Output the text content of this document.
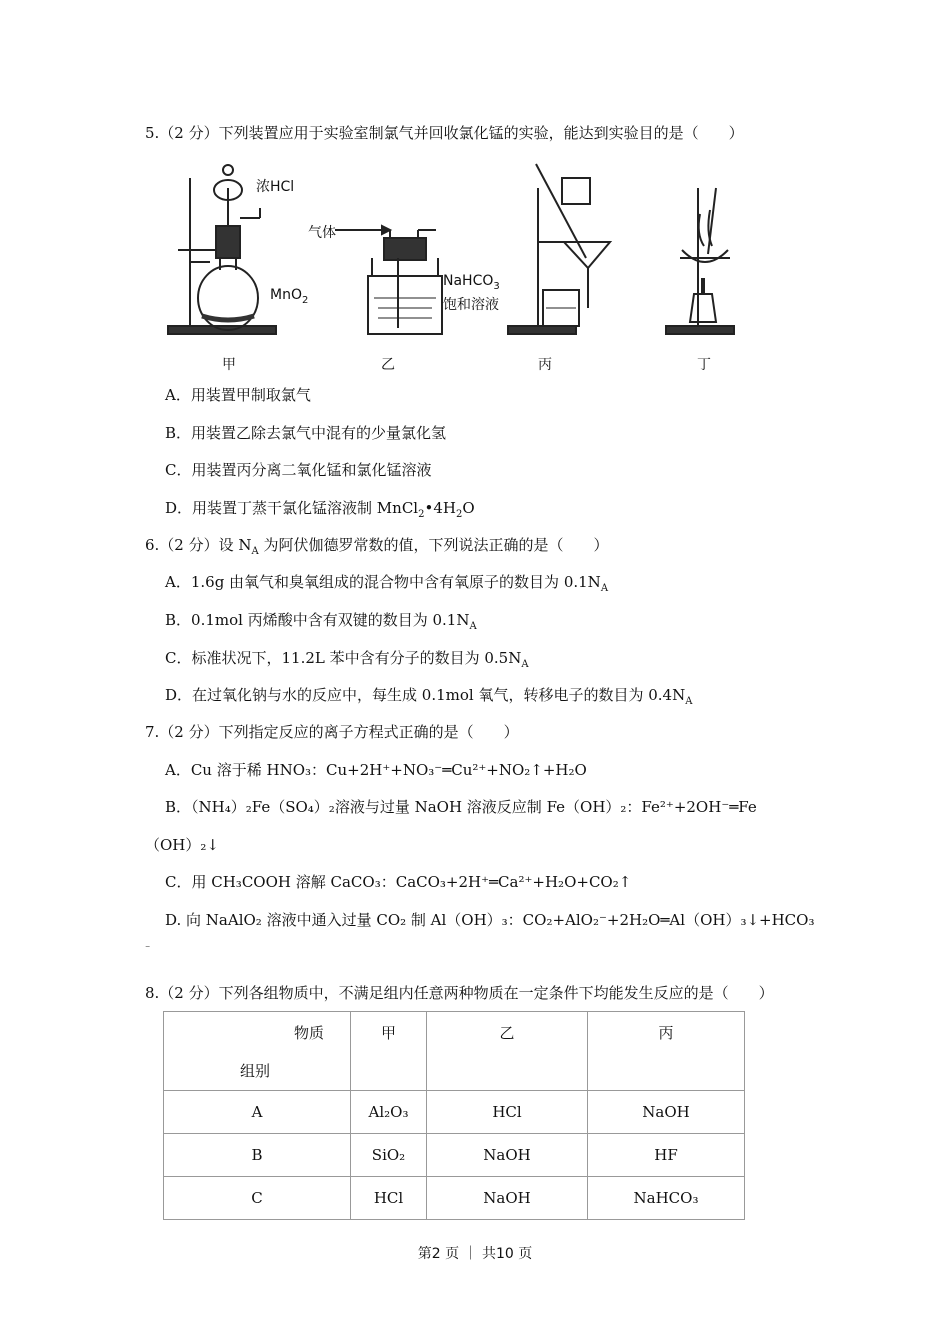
5.（2 分）下列装置应用于实验室制氯气并回收氯化锰的实验，能达到实验目的是（　　）
浓HCl
MnO$_2$
气体
NaHCO$_3$
饱和溶液
甲	乙	丙	丁
A．用装置甲制取氯气
B．用装置乙除去氯气中混有的少量氯化氢
C．用装置丙分离二氧化锰和氯化锰溶液
D．用装置丁蒸干氯化锰溶液制 $MnCl_2•4H_2O$
6.（2 分）设 $N_A$ 为阿伏伽德罗常数的值，下列说法正确的是（　　）
A．1.6g 由氧气和臭氧组成的混合物中含有氧原子的数目为 $0.1N_A$
B．0.1mol 丙烯酸中含有双键的数目为 $0.1N_A$
C．标准状况下，11.2L 苯中含有分子的数目为 $0.5N_A$
D．在过氧化钠与水的反应中，每生成 0.1mol 氧气，转移电子的数目为 $0.4N_A$
7.（2 分）下列指定反应的离子方程式正确的是（　　）
A．Cu 溶于稀 HNO₃：Cu+2H⁺+NO₃⁻═Cu²⁺+NO₂↑+H₂O
B．（NH₄）₂Fe（SO₄）₂溶液与过量 NaOH 溶液反应制 Fe（OH）₂：Fe²⁺+2OH⁻═Fe
（OH）₂↓
C．用 CH₃COOH 溶解 CaCO₃：CaCO₃+2H⁺═Ca²⁺+H₂O+CO₂↑
D. 向 NaAlO₂ 溶液中通入过量 CO₂ 制 Al（OH）₃：CO₂+AlO₂⁻+2H₂O═Al（OH）₃↓+HCO₃
⁻
8.（2 分）下列各组物质中，不满足组内任意两种物质在一定条件下均能发生反应的是（　　）
物质
组别	甲	乙	丙
A	Al₂O₃	HCl	NaOH
B	SiO₂	NaOH	HF
C	HCl	NaOH	NaHCO₃
第2 页 ｜ 共10 页
